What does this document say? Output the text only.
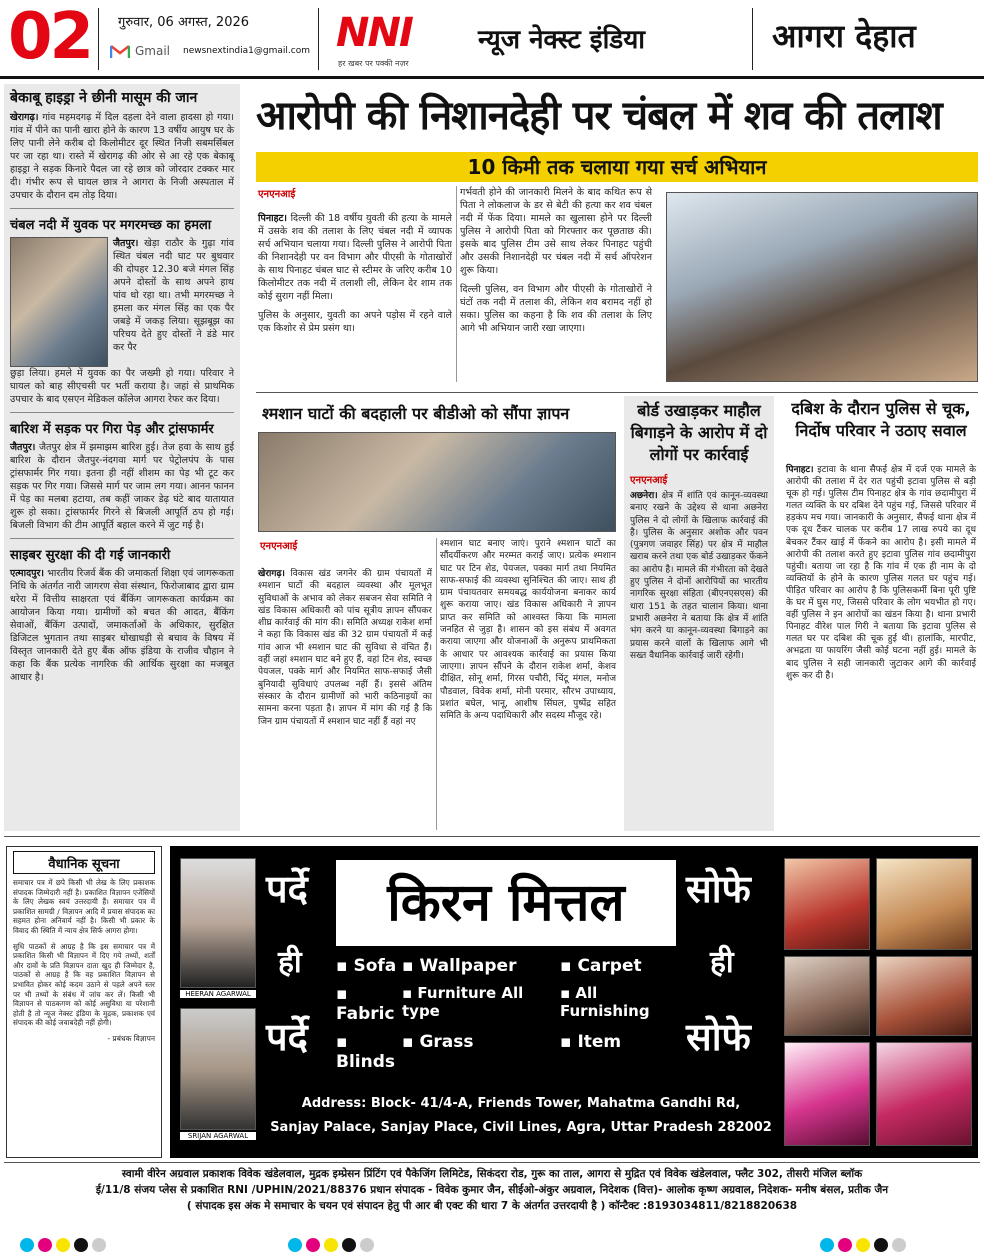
02 गुरुवार, 06 अगस्त, 2026
Gmail newsnextindia1@gmail.com NNI
हर खबर पर पक्की नज़र
न्यूज नेक्स्ट इंडिया	आगरा देहात
बेकाबू हाइड्रा ने छीनी मासूम की जान

खेरागढ़। गांव महमदगढ़ में दिल दहला देने वाला हादसा हो गया। गांव में पीने का पानी खारा होने के कारण 13 वर्षीय आयुष घर के लिए पानी लेने करीब दो किलोमीटर दूर स्थित निजी सबमर्सिबल पर जा रहा था। रास्ते में खेरागढ़ की ओर से आ रहे एक बेकाबू हाइड्रा ने सड़क किनारे पैदल जा रहे छात्र को जोरदार टक्कर मार दी। गंभीर रूप से घायल छात्र ने आगरा के निजी अस्पताल में उपचार के दौरान दम तोड़ दिया।

चंबल नदी में युवक पर मगरमच्छ का हमला

जैतपुर। खेड़ा राठौर के गुढ़ा गांव स्थित चंबल नदी घाट पर बुधवार की दोपहर 12.30 बजे मंगल सिंह अपने दोस्तों के साथ अपने हाथ पांव धो रहा था। तभी मगरमच्छ ने हमला कर मंगल सिंह का एक पैर जबड़े में जकड़ लिया। सूझबूझ का परिचय देते हुए दोस्तों ने डंडे मार कर पैर

छुड़ा लिया। हमले में युवक का पैर जख्मी हो गया। परिवार ने घायल को बाह सीएचसी पर भर्ती कराया है। जहां से प्राथमिक उपचार के बाद एसएन मेडिकल कॉलेज आगरा रेफर कर दिया।

बारिश में सड़क पर गिरा पेड़ और ट्रांसफार्मर

जैतपुर। जैतपुर क्षेत्र में झमाझम बारिश हुई। तेज हवा के साथ हुई बारिश के दौरान जैतपुर-नंदगवा मार्ग पर पेट्रोलपंप के पास ट्रांसफार्मर गिर गया। इतना ही नहीं शीशम का पेड़ भी टूट कर सड़क पर गिर गया। जिससे मार्ग पर जाम लग गया। आनन फानन में पेड़ का मलबा हटाया, तब कहीं जाकर डेढ़ घंटे बाद यातायात शुरू हो सका। ट्रांसफार्मर गिरने से बिजली आपूर्ति ठप हो गई। बिजली विभाग की टीम आपूर्ति बहाल करने में जुट गई है।

साइबर सुरक्षा की दी गई जानकारी

एत्मादपुर। भारतीय रिजर्व बैंक की जमाकर्ता शिक्षा एवं जागरूकता निधि के अंतर्गत नारी जागरण सेवा संस्थान, फिरोजाबाद द्वारा ग्राम धरेरा में वित्तीय साक्षरता एवं बैंकिंग जागरूकता कार्यक्रम का आयोजन किया गया। ग्रामीणों को बचत की आदत, बैंकिंग सेवाओं, बैंकिंग उत्पादों, जमाकर्ताओं के अधिकार, सुरक्षित डिजिटल भुगतान तथा साइबर धोखाधड़ी से बचाव के विषय में विस्तृत जानकारी देते हुए बैंक ऑफ इंडिया के राजीव चौहान ने कहा कि बैंक प्रत्येक नागरिक की आर्थिक सुरक्षा का मजबूत आधार है।

आरोपी की निशानदेही पर चंबल में शव की तलाश
10 किमी तक चलाया गया सर्च अभियान
एनएनआई

पिनाहट। दिल्ली की 18 वर्षीय युवती की हत्या के मामले में उसके शव की तलाश के लिए चंबल नदी में व्यापक सर्च अभियान चलाया गया। दिल्ली पुलिस ने आरोपी पिता की निशानदेही पर वन विभाग और पीएसी के गोताखोरों के साथ पिनाहट चंबल घाट से स्टीमर के जरिए करीब 10 किलोमीटर तक नदी में तलाशी ली, लेकिन देर शाम तक कोई सुराग नहीं मिला।

पुलिस के अनुसार, युवती का अपने पड़ोस में रहने वाले एक किशोर से प्रेम प्रसंग था।

गर्भवती होने की जानकारी मिलने के बाद कथित रूप से पिता ने लोकलाज के डर से बेटी की हत्या कर शव चंबल नदी में फेंक दिया। मामले का खुलासा होने पर दिल्ली पुलिस ने आरोपी पिता को गिरफ्तार कर पूछताछ की। इसके बाद पुलिस टीम उसे साथ लेकर पिनाहट पहुंची और उसकी निशानदेही पर चंबल नदी में सर्च ऑपरेशन शुरू किया।

दिल्ली पुलिस, वन विभाग और पीएसी के गोताखोरों ने घंटों तक नदी में तलाश की, लेकिन शव बरामद नहीं हो सका। पुलिस का कहना है कि शव की तलाश के लिए आगे भी अभियान जारी रखा जाएगा।

श्मशान घाटों की बदहाली पर बीडीओ को सौंपा ज्ञापन
एनएनआई

खेरागढ़। विकास खंड जगनेर की ग्राम पंचायतों में श्मशान घाटों की बदहाल व्यवस्था और मूलभूत सुविधाओं के अभाव को लेकर सबजन सेवा समिति ने खंड विकास अधिकारी को पांच सूत्रीय ज्ञापन सौंपकर शीघ्र कार्रवाई की मांग की। समिति अध्यक्ष राकेश शर्मा ने कहा कि विकास खंड की 32 ग्राम पंचायतों में कई गांव आज भी श्मशान घाट की सुविधा से वंचित हैं। वहीं जहां श्मशान घाट बने हुए हैं, वहां टिन शेड, स्वच्छ पेयजल, पक्के मार्ग और नियमित साफ-सफाई जैसी बुनियादी सुविधाएं उपलब्ध नहीं हैं। इससे अंतिम संस्कार के दौरान ग्रामीणों को भारी कठिनाइयों का सामना करना पड़ता है। ज्ञापन में मांग की गई है कि जिन ग्राम पंचायतों में श्मशान घाट नहीं हैं वहां नए

श्मशान घाट बनाए जाएं। पुराने श्मशान घाटों का सौंदर्यीकरण और मरम्मत कराई जाए। प्रत्येक श्मशान घाट पर टिन शेड, पेयजल, पक्का मार्ग तथा नियमित साफ-सफाई की व्यवस्था सुनिश्चित की जाए। साथ ही ग्राम पंचायतवार समयबद्ध कार्ययोजना बनाकर कार्य शुरू कराया जाए। खंड विकास अधिकारी ने ज्ञापन प्राप्त कर समिति को आश्वस्त किया कि मामला जनहित से जुड़ा है। शासन को इस संबंध में अवगत कराया जाएगा और योजनाओं के अनुरूप प्राथमिकता के आधार पर आवश्यक कार्रवाई का प्रयास किया जाएगा। ज्ञापन सौंपने के दौरान राकेश शर्मा, केशव दीक्षित, सोनू शर्मा, गिरस पचौरी, चिंटू मंगल, मनोज पौडवाल, विवेक शर्मा, मोनी परमार, सौरभ उपाध्याय, प्रशांत बघेल, भानू, आशीष सिंघल, पुष्पेंद्र सहित समिति के अन्य पदाधिकारी और सदस्य मौजूद रहे।

बोर्ड उखाड़कर माहौल बिगाड़ने के आरोप में दो लोगों पर कार्रवाई
एनएनआई

अछनेरा। क्षेत्र में शांति एवं कानून-व्यवस्था बनाए रखने के उद्देश्य से थाना अछनेरा पुलिस ने दो लोगों के खिलाफ कार्रवाई की है। पुलिस के अनुसार अशोक और पवन (पुत्रगण जवाहर सिंह) पर क्षेत्र में माहौल खराब करने तथा एक बोर्ड उखाड़कर फेंकने का आरोप है। मामले की गंभीरता को देखते हुए पुलिस ने दोनों आरोपियों का भारतीय नागरिक सुरक्षा संहिता (बीएनएसएस) की धारा 151 के तहत चालान किया। थाना प्रभारी अछनेरा ने बताया कि क्षेत्र में शांति भंग करने या कानून-व्यवस्था बिगाड़ने का प्रयास करने वालों के खिलाफ आगे भी सख्त वैधानिक कार्रवाई जारी रहेगी।

दबिश के दौरान पुलिस से चूक, निर्दोष परिवार ने उठाए सवाल

पिनाहट। इटावा के थाना सैफई क्षेत्र में दर्ज एक मामले के आरोपी की तलाश में देर रात पहुंची इटावा पुलिस से बड़ी चूक हो गई। पुलिस टीम पिनाहट क्षेत्र के गांव छदामीपुरा में गलत व्यक्ति के घर दबिश देने पहुंच गई, जिससे परिवार में हड़कंप मच गया। जानकारी के अनुसार, सैफई थाना क्षेत्र में एक दूध टैंकर चालक पर करीब 17 लाख रुपये का दूध बेचकर टैंकर खाई में फेंकने का आरोप है। इसी मामले में आरोपी की तलाश करते हुए इटावा पुलिस गांव छदामीपुरा पहुंची। बताया जा रहा है कि गांव में एक ही नाम के दो व्यक्तियों के होने के कारण पुलिस गलत घर पहुंच गई। पीड़ित परिवार का आरोप है कि पुलिसकर्मी बिना पूरी पुष्टि के घर में घुस गए, जिससे परिवार के लोग भयभीत हो गए। वहीं पुलिस ने इन आरोपों का खंडन किया है। थाना प्रभारी पिनाहट वीरेश पाल गिरी ने बताया कि इटावा पुलिस से गलत घर पर दबिश की चूक हुई थी। हालांकि, मारपीट, अभद्रता या फायरिंग जैसी कोई घटना नहीं हुई। मामले के बाद पुलिस ने सही जानकारी जुटाकर आगे की कार्रवाई शुरू कर दी है।

वैधानिक सूचना

समाचार पत्र में छपे किसी भी लेख के लिए प्रकाशक संपादक जिम्मेदारी नहीं है। प्रकाशित विज्ञापन एजेंसियों के लिए लेखक स्वयं उत्तरदायी हैं। समाचार पत्र में प्रकाशित सामग्री / विज्ञापन आदि में प्रयास संपादक का सहमत होना अनिवार्य नहीं है। किसी भी प्रकार के विवाद की स्थिति में न्याय क्षेत्र सिर्फ आगरा होगा।

सुधि पाठकों से आग्रह है कि इस समाचार पत्र में प्रकाशित किसी भी विज्ञापन में दिए गये तथ्यों, शर्तों और दावों के प्रति विज्ञापन दाता खुद ही जिम्मेदार है, पाठकों से आग्रह है कि वह प्रकाशित विज्ञापन से प्रभावित होकर कोई कदम उठाने से पहले अपने स्तर पर भी तथ्यों के संबंध में जांच कर लें। किसी भी विज्ञापन से पाठकगण को कोई असुविधा या परेशानी होती है तो न्यूज नेक्स्ट इंडिया के मुद्रक, प्रकाशक एवं संपादक की कोई जवाबदेही नहीं होगी।

- प्रबंधक विज्ञापन

HEERAN AGARWAL
SRIJAN AGARWAL
पर्दे
ही
पर्दे
किरन मित्तल	सोफे
ही
सोफे
▪ Sofa ▪ Wallpaper	▪ Carpet
▪ Fabric
▪ Furniture All type
▪ All Furnishing
▪ Blinds
▪ Grass	▪ Item
Address: Block- 41/4-A, Friends Tower, Mahatma Gandhi Rd,
Sanjay Palace, Sanjay Place, Civil Lines, Agra, Uttar Pradesh 282002
स्वामी वीरेन अग्रवाल प्रकाशक विवेक खंडेलवाल, मुद्रक इम्प्रेसन प्रिंटिंग एवं पैकेजिंग लिमिटेड, सिकंदरा रोड, गुरू का ताल, आगरा से मुद्रित एवं विवेक खंडेलवाल, फ्लैट 302, तीसरी मंजिल ब्लॉक
ई/11/8 संजय प्लेस से प्रकाशित RNI /UPHIN/2021/88376 प्रधान संपादक - विवेक कुमार जैन, सीईओ-अंकुर अग्रवाल, निदेशक (वित्त)- आलोक कृष्ण अग्रवाल, निदेशक- मनीष बंसल, प्रतीक जैन
( संपादक इस अंक मे समाचार के चयन एवं संपादन हेतु पी आर बी एक्ट की धारा 7 के अंतर्गत उत्तरदायी है ) कॉन्टैक्ट :8193034811/8218820638
